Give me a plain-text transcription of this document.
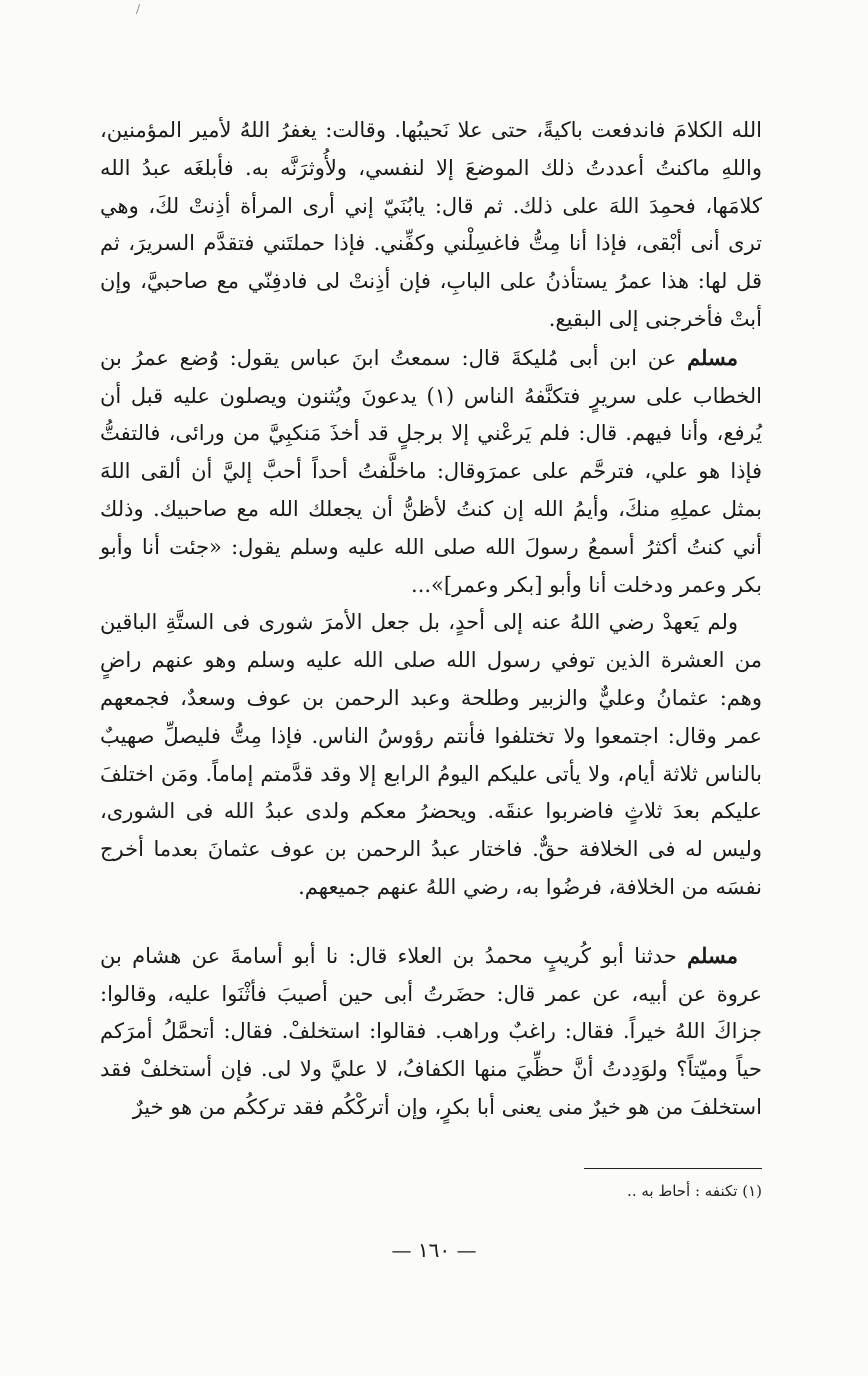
/

الله الكلامَ فاندفعت باكيةً، حتى علا نَحيبُها. وقالت: يغفرُ اللهُ لأمير المؤمنين، واللهِ ماكنتُ أعددتُ ذلك الموضعَ إلا لنفسي، ولأُوثرَنَّه به. فأبلغَه عبدُ الله كلامَها، فحمِدَ اللهَ على ذلك. ثم قال: يابُنَيّ إني أرى المرأة أذِنتْ لكَ، وهي ترى أنى أبْقى، فإذا أنا مِتُّ فاغسِلْني وكفِّني. فإذا حملتَني فتقدَّم السريرَ، ثم قل لها: هذا عمرُ يستأذنُ على البابِ، فإن أذِنتْ لى فادفِنّي مع صاحبيَّ، وإن أبتْ فأخرجنى إلى البقيع.

مسلم عن ابن أبى مُليكةَ قال: سمعتُ ابنَ عباس يقول: وُضع عمرُ بن الخطاب على سريرٍ فتكنَّفهُ الناس (١) يدعونَ ويُثنون ويصلون عليه قبل أن يُرفع، وأنا فيهم. قال: فلم يَرعْني إلا برجلٍ قد أخذَ مَنكبِيَّ من ورائى، فالتفتُّ فإذا هو علي، فترحَّم على عمرَوقال: ماخلَّفتُ أحداً أحبَّ إليَّ أن ألقى اللهَ بمثل عملِهِ منكَ، وأيمُ الله إن كنتُ لأظنُّ أن يجعلك الله مع صاحبيك. وذلك أني كنتُ أكثرُ أسمعُ رسولَ الله صلى الله عليه وسلم يقول: «جئت أنا وأبو بكر وعمر ودخلت أنا وأبو [بكر وعمر]»...

ولم يَعهدْ رضي اللهُ عنه إلى أحدٍ، بل جعل الأمرَ شورى فى الستَّةِ الباقين من العشرة الذين توفي رسول الله صلى الله عليه وسلم وهو عنهم راضٍ وهم: عثمانُ وعليٌّ والزبير وطلحة وعبد الرحمن بن عوف وسعدٌ، فجمعهم عمر وقال: اجتمعوا ولا تختلفوا فأنتم رؤوسُ الناس. فإذا مِتُّ فليصلِّ صهيبٌ بالناس ثلاثة أيام، ولا يأتى عليكم اليومُ الرابع إلا وقد قدَّمتم إماماً. ومَن اختلفَ عليكم بعدَ ثلاثٍ فاضربوا عنقَه. ويحضرُ معكم ولدى عبدُ الله فى الشورى، وليس له فى الخلافة حقٌّ. فاختار عبدُ الرحمن بن عوف عثمانَ بعدما أخرج نفسَه من الخلافة، فرضُوا به، رضي اللهُ عنهم جميعهم.

مسلم حدثنا أبو كُريبٍ محمدُ بن العلاء قال: نا أبو أسامةَ عن هشام بن عروة عن أبيه، عن عمر قال: حضَرتُ أبى حين أصيبَ فأثْنَوا عليه، وقالوا: جزاكَ اللهُ خيراً. فقال: راغبٌ وراهب. فقالوا: استخلفْ. فقال: أتحمَّلُ أمرَكم حياً وميّتاً؟ ولوَدِدتُ أنَّ حظِّيَ منها الكفافُ، لا عليَّ ولا لى. فإن أستخلفْ فقد استخلفَ من هو خيرٌ منى يعنى أبا بكرٍ، وإن أتركْكُم فقد ترككُم من هو خيرٌ

(١) تكنفه : أحاط به ..
— ١٦٠ —
